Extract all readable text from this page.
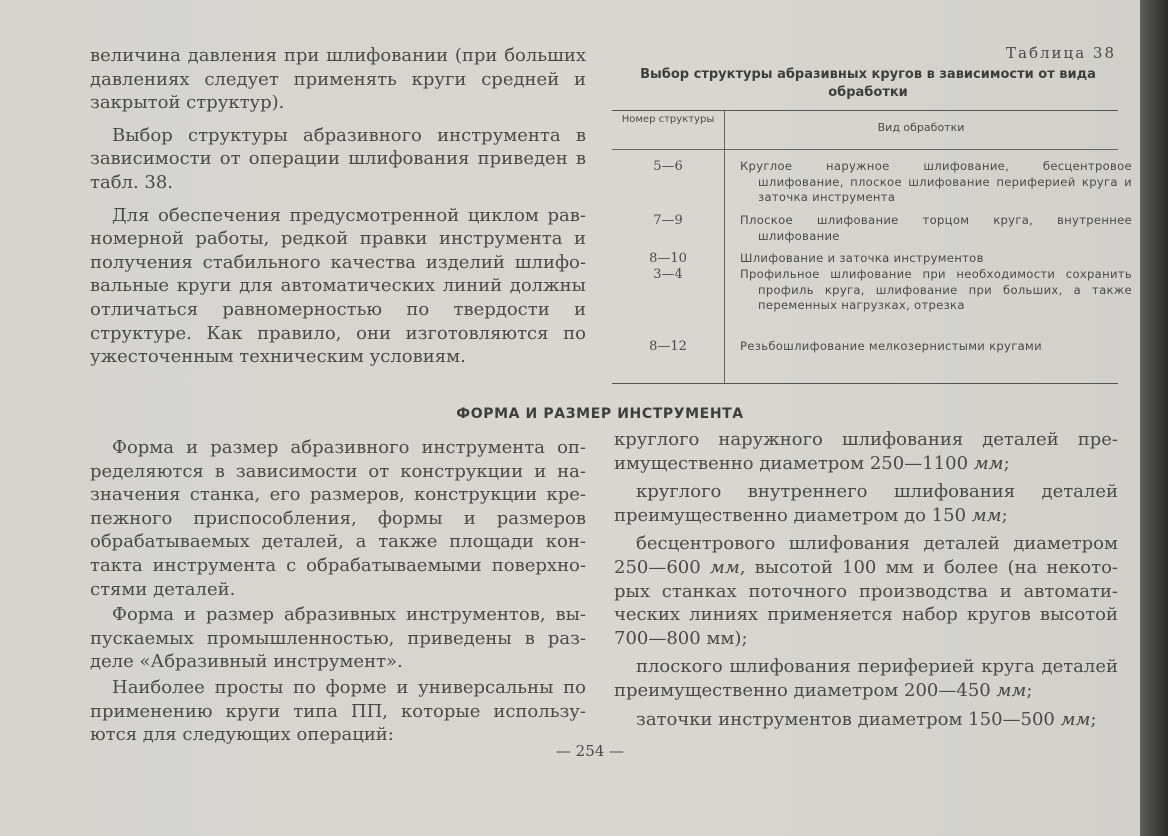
величина давления при шлифовании (при больших давлениях следует применять круги средней и закрытой структур).

Выбор структуры абразивного инструмента в зависимости от операции шлифования приведен в табл. 38.

Для обеспечения предусмотренной циклом равномерной работы, редкой правки инструмента и получения стабильного качества изделий шлифовальные круги для автоматических линий должны отличаться равномерностью по твердости и структуре. Как правило, они изготовляются по ужесточенным техническим условиям.

Таблица 38
Выбор структуры абразивных кругов в зависимости от вида обработки
Номер структуры
Вид обработки
5—6	Круглое наружное шлифование, бесцентровое шлифование, плоское шлифование периферией круга и заточка инструмента
7—9	Плоское шлифование торцом круга, внутреннее шлифование
8—10	Шлифование и заточка инструментов
3—4	Профильное шлифование при необходимости сохранить профиль круга, шлифование при больших, а также переменных нагрузках, отрезка
8—12	Резьбошлифование мелкозернистыми кругами
ФОРМА И РАЗМЕР ИНСТРУМЕНТА

Форма и размер абразивного инструмента определяются в зависимости от конструкции и назначения станка, его размеров, конструкции крепежного приспособления, формы и размеров обрабатываемых деталей, а также площади контакта инструмента с обрабатываемыми поверхностями деталей.

Форма и размер абразивных инструментов, выпускаемых промышленностью, приведены в разделе «Абразивный инструмент».

Наиболее просты по форме и универсальны по применению круги типа ПП, которые используются для следующих операций:

круглого наружного шлифования деталей преимущественно диаметром 250—1100 мм;

круглого внутреннего шлифования деталей преимущественно диаметром до 150 мм;

бесцентрового шлифования деталей диаметром 250—600 мм, высотой 100 мм и более (на некоторых станках поточного производства и автоматических линиях применяется набор кругов высотой 700—800 мм);

плоского шлифования периферией круга деталей преимущественно диаметром 200—450 мм;

заточки инструментов диаметром 150—500 мм;

— 254 —
